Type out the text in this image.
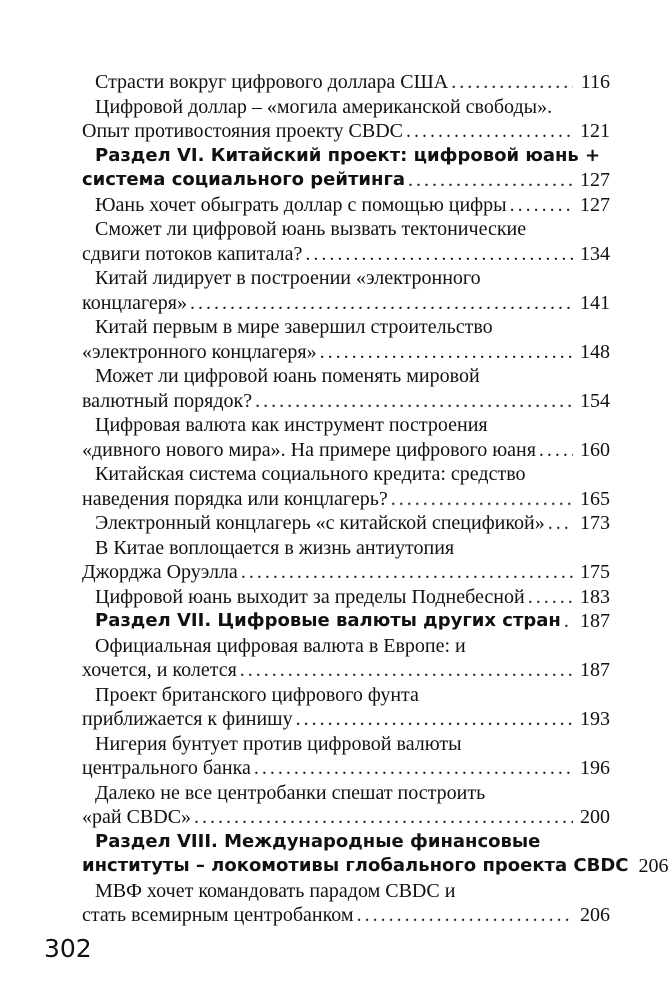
Страсти вокруг цифрового доллара США . . .	116
Цифровой доллар – «могила американской свободы».
Опыт противостояния проекту CBDC . . .	121
Раздел VI. Китайский проект: цифровой юань +
система социального рейтинга . . .	127
Юань хочет обыграть доллар с помощью цифры . . .	127
Сможет ли цифровой юань вызвать тектонические
сдвиги потоков капитала? . . .	134
Китай лидирует в построении «электронного
концлагеря» . . .	141
Китай первым в мире завершил строительство
«электронного концлагеря» . . .	148
Может ли цифровой юань поменять мировой
валютный порядок? . . .	154
Цифровая валюта как инструмент построения
«дивного нового мира». На примере цифрового юаня . . . 160
Китайская система социального кредита: средство
наведения порядка или концлагерь? . . .	165
Электронный концлагерь «с китайской спецификой» . . . 173
В Китае воплощается в жизнь антиутопия
Джорджа Оруэлла . . .	175
Цифровой юань выходит за пределы Поднебесной . . .	183
Раздел VII. Цифровые валюты других стран . . . 187
Официальная цифровая валюта в Европе: и
хочется, и колется . . .	187
Проект британского цифрового фунта
приближается к финишу . . .	193
Нигерия бунтует против цифровой валюты
центрального банка . . .	196
Далеко не все центробанки спешат построить
«рай CBDC» . . .	200
Раздел VIII. Международные финансовые
институты – локомотивы глобального проекта CBDC 206
МВФ хочет командовать парадом CBDC и
стать всемирным центробанком . . .	206
302
